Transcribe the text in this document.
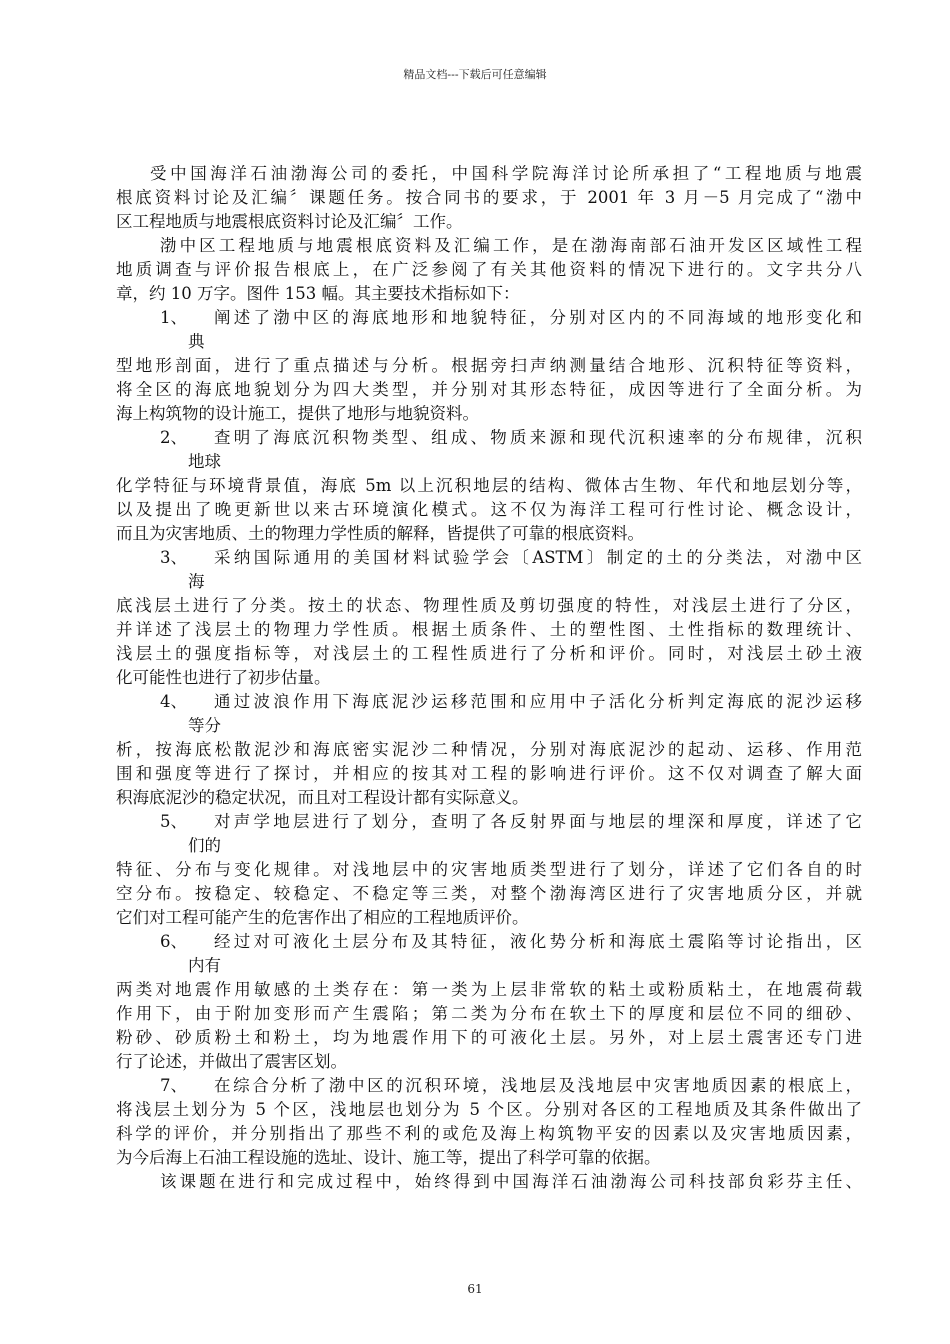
精品文档---下载后可任意编辑
受中国海洋石油渤海公司的委托，中国科学院海洋讨论所承担了“工程地质与地震
根底资料讨论及汇编〞课题任务。按合同书的要求，于 2001 年 3 月－5 月完成了“渤中
区工程地质与地震根底资料讨论及汇编〞工作。
渤中区工程地质与地震根底资料及汇编工作，是在渤海南部石油开发区区域性工程
地质调查与评价报告根底上，在广泛参阅了有关其他资料的情况下进行的。文字共分八
章，约 10 万字。图件 153 幅。其主要技术指标如下：
1、 阐述了渤中区的海底地形和地貌特征，分别对区内的不同海域的地形变化和
典
型地形剖面，进行了重点描述与分析。根据旁扫声纳测量结合地形、沉积特征等资料，
将全区的海底地貌划分为四大类型，并分别对其形态特征，成因等进行了全面分析。为
海上构筑物的设计施工，提供了地形与地貌资料。
2、 查明了海底沉积物类型、组成、物质来源和现代沉积速率的分布规律，沉积
地球
化学特征与环境背景值，海底 5m 以上沉积地层的结构、微体古生物、年代和地层划分等，
以及提出了晚更新世以来古环境演化模式。这不仅为海洋工程可行性讨论、概念设计，
而且为灾害地质、土的物理力学性质的解释，皆提供了可靠的根底资料。
3、 采纳国际通用的美国材料试验学会〔ASTM〕制定的土的分类法，对渤中区
海
底浅层土进行了分类。按土的状态、物理性质及剪切强度的特性，对浅层土进行了分区，
并详述了浅层土的物理力学性质。根据土质条件、土的塑性图、土性指标的数理统计、
浅层土的强度指标等，对浅层土的工程性质进行了分析和评价。同时，对浅层土砂土液
化可能性也进行了初步估量。
4、 通过波浪作用下海底泥沙运移范围和应用中子活化分析判定海底的泥沙运移
等分
析，按海底松散泥沙和海底密实泥沙二种情况，分别对海底泥沙的起动、运移、作用范
围和强度等进行了探讨，并相应的按其对工程的影响进行评价。这不仅对调查了解大面
积海底泥沙的稳定状况，而且对工程设计都有实际意义。
5、 对声学地层进行了划分，查明了各反射界面与地层的埋深和厚度，详述了它
们的
特征、分布与变化规律。对浅地层中的灾害地质类型进行了划分，详述了它们各自的时
空分布。按稳定、较稳定、不稳定等三类，对整个渤海湾区进行了灾害地质分区，并就
它们对工程可能产生的危害作出了相应的工程地质评价。
6、 经过对可液化土层分布及其特征，液化势分析和海底土震陷等讨论指出，区
内有
两类对地震作用敏感的土类存在：第一类为上层非常软的粘土或粉质粘土，在地震荷载
作用下，由于附加变形而产生震陷；第二类为分布在软土下的厚度和层位不同的细砂、
粉砂、砂质粉土和粉土，均为地震作用下的可液化土层。另外，对上层土震害还专门进
行了论述，并做出了震害区划。
7、 在综合分析了渤中区的沉积环境，浅地层及浅地层中灾害地质因素的根底上，
将浅层土划分为 5 个区，浅地层也划分为 5 个区。分别对各区的工程地质及其条件做出了
科学的评价，并分别指出了那些不利的或危及海上构筑物平安的因素以及灾害地质因素，
为今后海上石油工程设施的选址、设计、施工等，提出了科学可靠的依据。
该课题在进行和完成过程中，始终得到中国海洋石油渤海公司科技部贠彩芬主任、
61
